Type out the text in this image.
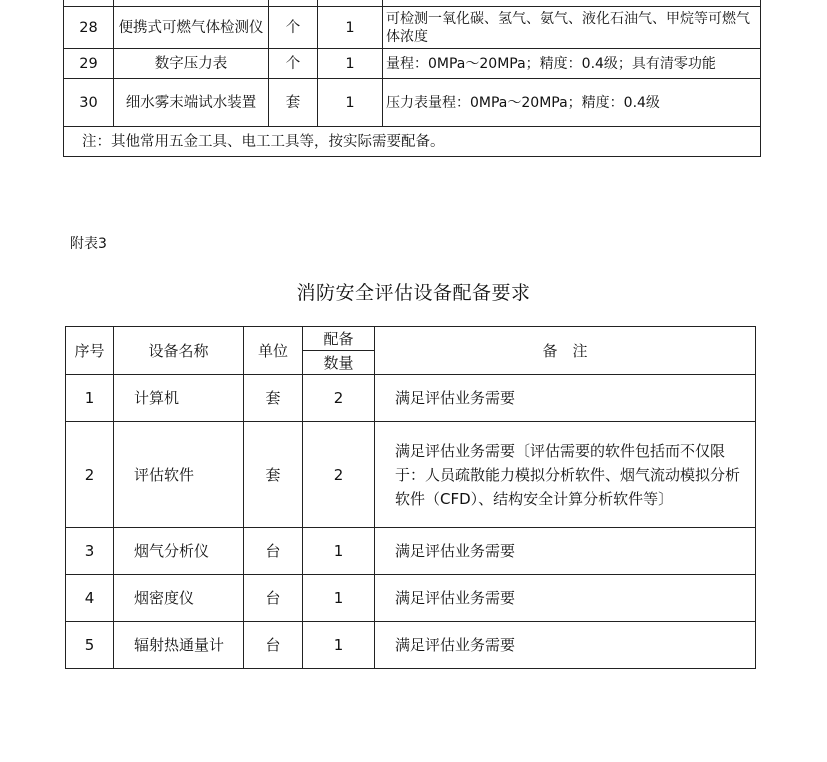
28	便携式可燃气体检测仪	个	1	可检测一氧化碳、氢气、氨气、液化石油气、甲烷等可燃气体浓度
29	数字压力表	个	1	量程：0MPa～20MPa；精度：0.4级；具有清零功能
30	细水雾末端试水装置	套	1	压力表量程：0MPa～20MPa；精度：0.4级
注：其他常用五金工具、电工工具等，按实际需要配备。				
附表3
消防安全评估设备配备要求
序号	设备名称	单位	配备	备　注
			数量	
1	计算机	套	2	满足评估业务需要
2	评估软件	套	2	满足评估业务需要〔评估需要的软件包括而不仅限于：人员疏散能力模拟分析软件、烟气流动模拟分析软件（CFD）、结构安全计算分析软件等〕
3	烟气分析仪	台	1	满足评估业务需要
4	烟密度仪	台	1	满足评估业务需要
5	辐射热通量计	台	1	满足评估业务需要
